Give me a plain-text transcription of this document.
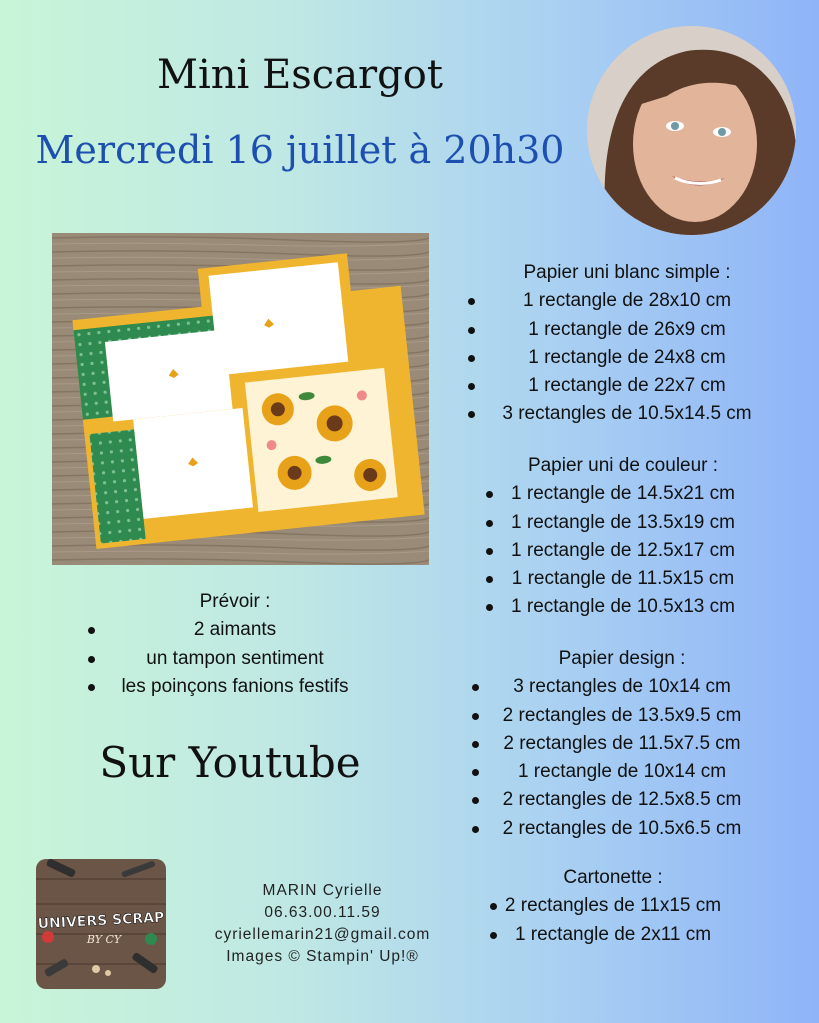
Mini Escargot
Mercredi 16 juillet à 20h30
Papier uni blanc simple :
1 rectangle de 28x10 cm
1 rectangle de 26x9 cm
1 rectangle de 24x8 cm
1 rectangle de 22x7 cm
3 rectangles de 10.5x14.5 cm
Papier uni de couleur :
1 rectangle de 14.5x21 cm
1 rectangle de 13.5x19 cm
1 rectangle de 12.5x17 cm
1 rectangle de 11.5x15 cm
1 rectangle de 10.5x13 cm
Papier design :
3 rectangles de 10x14 cm
2 rectangles de 13.5x9.5 cm
2 rectangles de 11.5x7.5 cm
1 rectangle de 10x14 cm
2 rectangles de 12.5x8.5 cm
2 rectangles de 10.5x6.5 cm
Cartonette :
2 rectangles de 11x15 cm
1 rectangle de 2x11 cm
Prévoir :
2 aimants
un tampon sentiment
les poinçons fanions festifs
Sur Youtube
UNIVERS SCRAP
BY CY
MARIN Cyrielle
06.63.00.11.59
cyriellemarin21@gmail.com
Images © Stampin' Up!®
